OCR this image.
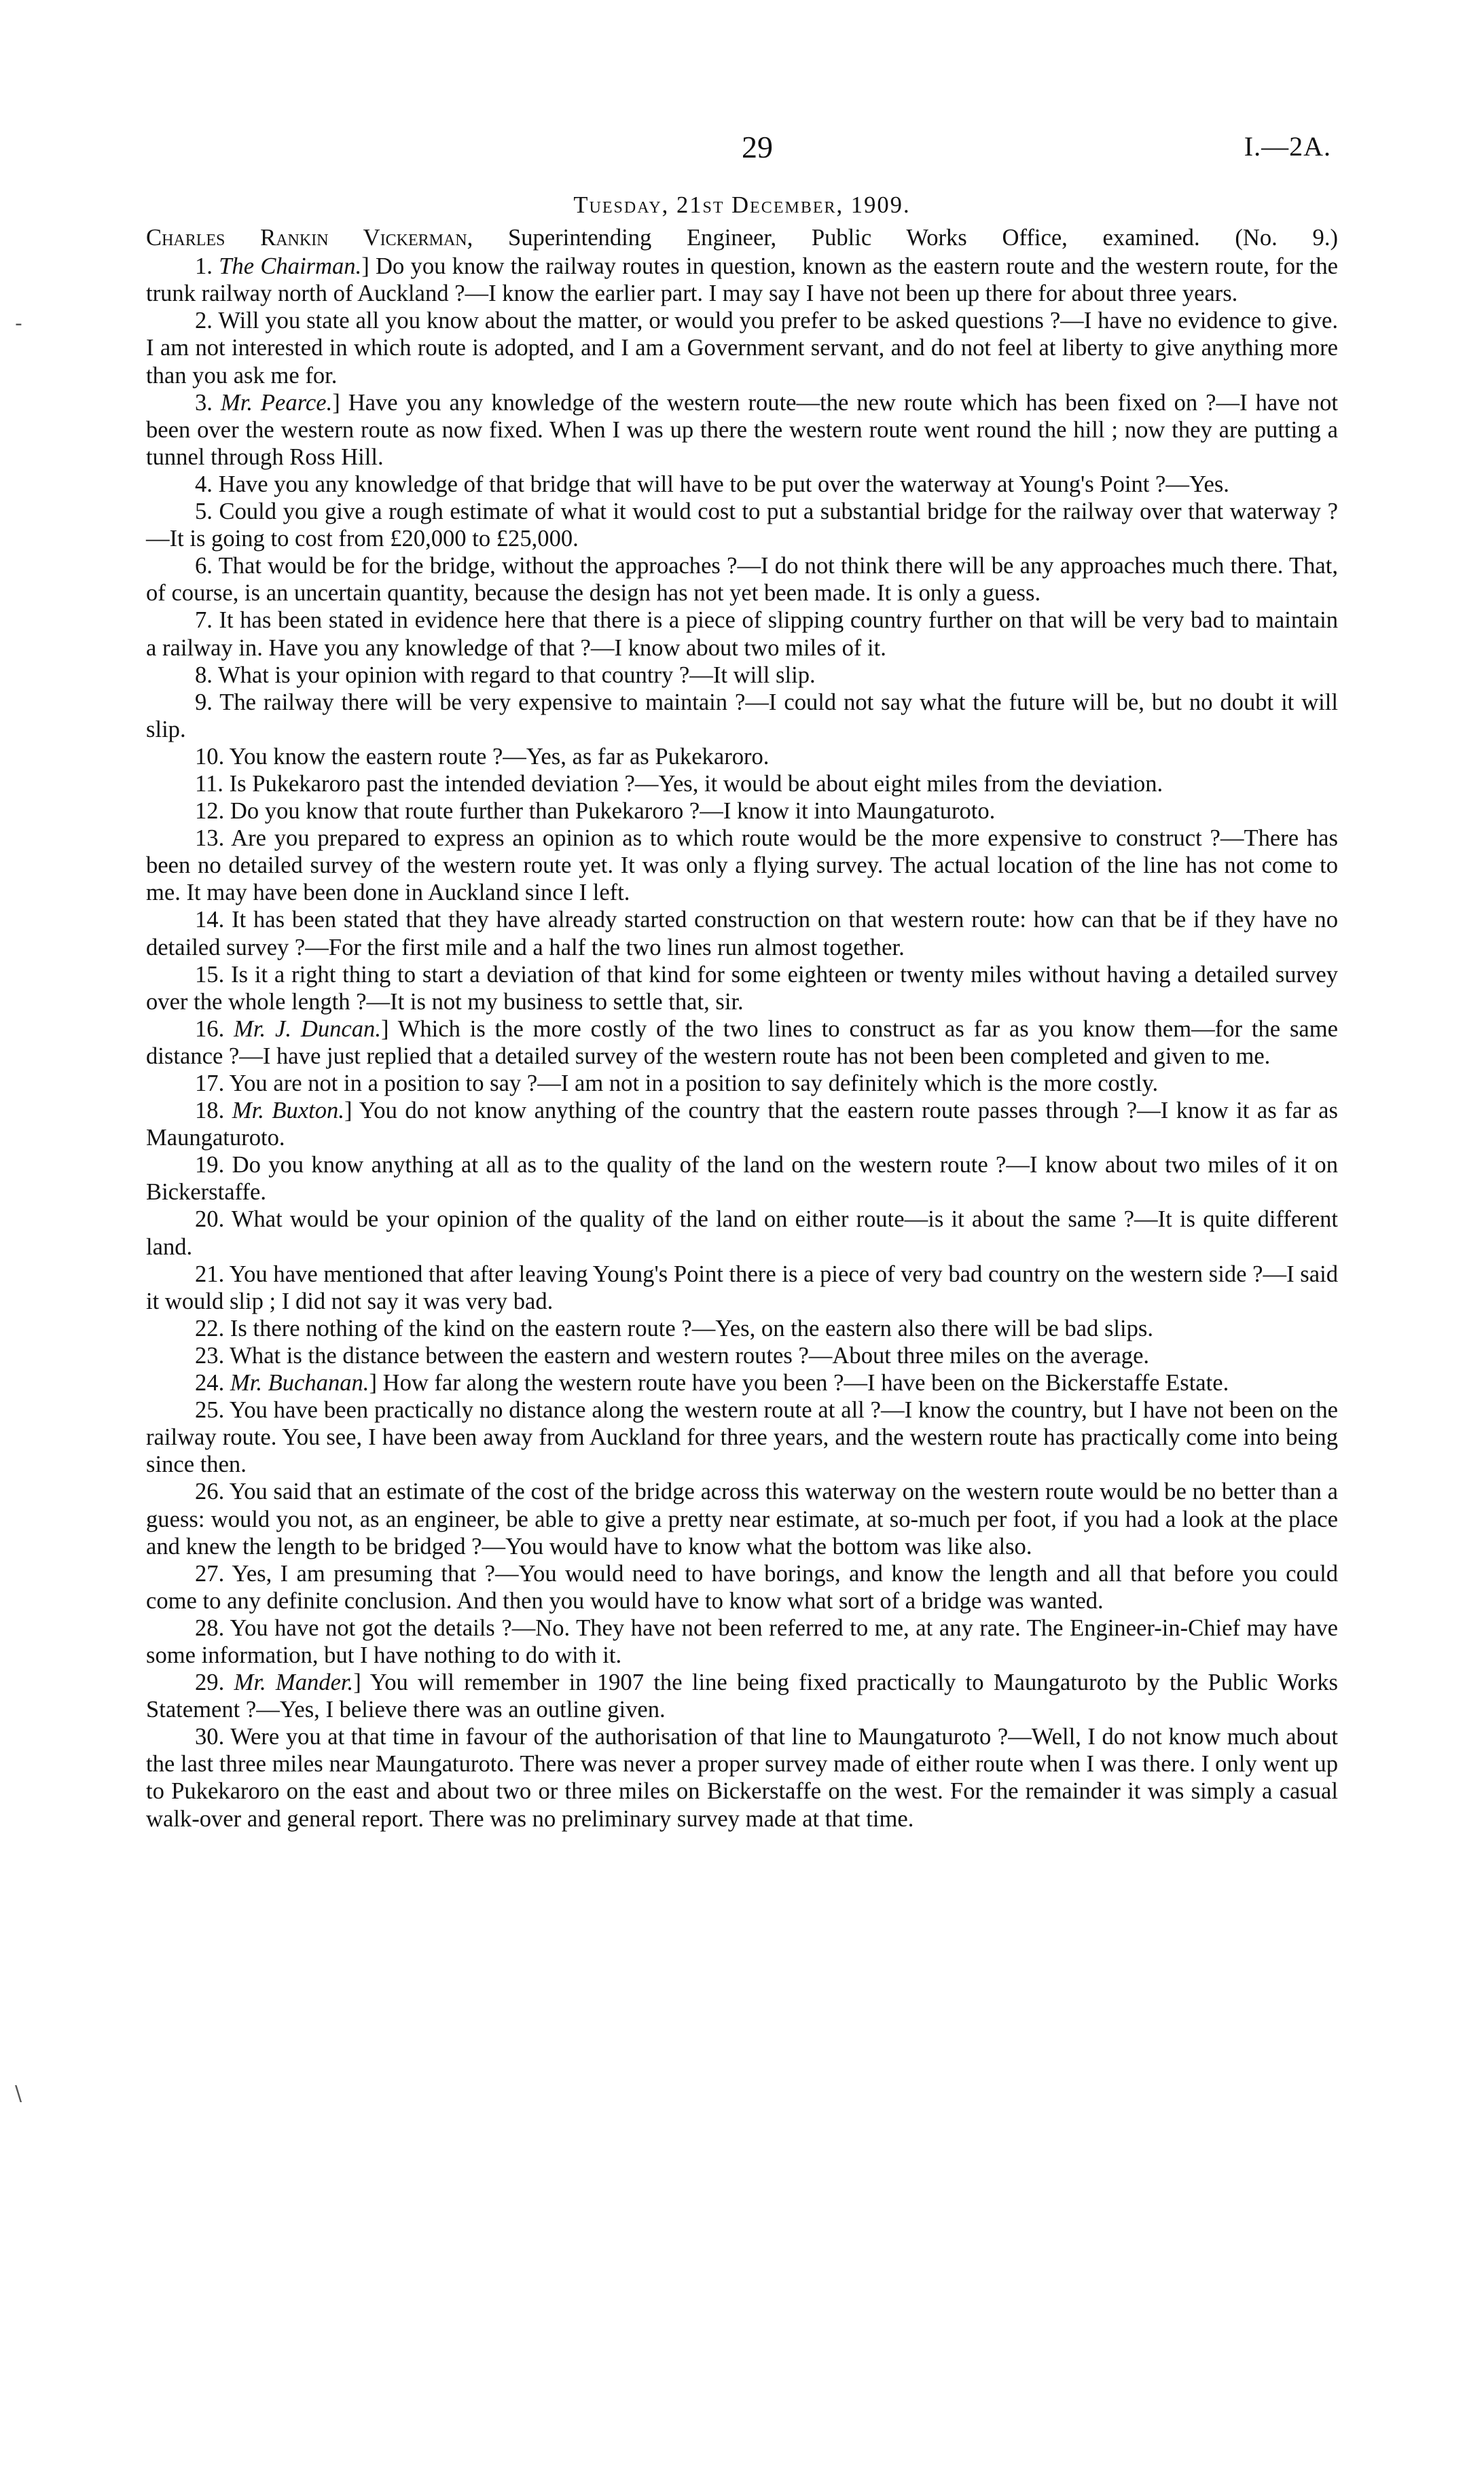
29	I.—2A.
-
\
Tuesday, 21st December, 1909.
Charles Rankin Vickerman, Superintending Engineer, Public Works Office, examined. (No. 9.)

1. The Chairman.] Do you know the railway routes in question, known as the eastern route and the western route, for the trunk railway north of Auckland ?—I know the earlier part. I may say I have not been up there for about three years.

2. Will you state all you know about the matter, or would you prefer to be asked questions ?—I have no evidence to give. I am not interested in which route is adopted, and I am a Government servant, and do not feel at liberty to give anything more than you ask me for.

3. Mr. Pearce.] Have you any knowledge of the western route—the new route which has been fixed on ?—I have not been over the western route as now fixed. When I was up there the western route went round the hill ; now they are putting a tunnel through Ross Hill.

4. Have you any knowledge of that bridge that will have to be put over the waterway at Young's Point ?—Yes.

5. Could you give a rough estimate of what it would cost to put a substantial bridge for the railway over that waterway ?—It is going to cost from £20,000 to £25,000.

6. That would be for the bridge, without the approaches ?—I do not think there will be any approaches much there. That, of course, is an uncertain quantity, because the design has not yet been made. It is only a guess.

7. It has been stated in evidence here that there is a piece of slipping country further on that will be very bad to maintain a railway in. Have you any knowledge of that ?—I know about two miles of it.

8. What is your opinion with regard to that country ?—It will slip.

9. The railway there will be very expensive to maintain ?—I could not say what the future will be, but no doubt it will slip.

10. You know the eastern route ?—Yes, as far as Pukekaroro.

11. Is Pukekaroro past the intended deviation ?—Yes, it would be about eight miles from the deviation.

12. Do you know that route further than Pukekaroro ?—I know it into Maungaturoto.

13. Are you prepared to express an opinion as to which route would be the more expensive to construct ?—There has been no detailed survey of the western route yet. It was only a flying survey. The actual location of the line has not come to me. It may have been done in Auckland since I left.

14. It has been stated that they have already started construction on that western route: how can that be if they have no detailed survey ?—For the first mile and a half the two lines run almost together.

15. Is it a right thing to start a deviation of that kind for some eighteen or twenty miles without having a detailed survey over the whole length ?—It is not my business to settle that, sir.

16. Mr. J. Duncan.] Which is the more costly of the two lines to construct as far as you know them—for the same distance ?—I have just replied that a detailed survey of the western route has not been been completed and given to me.

17. You are not in a position to say ?—I am not in a position to say definitely which is the more costly.

18. Mr. Buxton.] You do not know anything of the country that the eastern route passes through ?—I know it as far as Maungaturoto.

19. Do you know anything at all as to the quality of the land on the western route ?—I know about two miles of it on Bickerstaffe.

20. What would be your opinion of the quality of the land on either route—is it about the same ?—It is quite different land.

21. You have mentioned that after leaving Young's Point there is a piece of very bad country on the western side ?—I said it would slip ; I did not say it was very bad.

22. Is there nothing of the kind on the eastern route ?—Yes, on the eastern also there will be bad slips.

23. What is the distance between the eastern and western routes ?—About three miles on the average.

24. Mr. Buchanan.] How far along the western route have you been ?—I have been on the Bickerstaffe Estate.

25. You have been practically no distance along the western route at all ?—I know the country, but I have not been on the railway route. You see, I have been away from Auckland for three years, and the western route has practically come into being since then.

26. You said that an estimate of the cost of the bridge across this waterway on the western route would be no better than a guess: would you not, as an engineer, be able to give a pretty near estimate, at so-much per foot, if you had a look at the place and knew the length to be bridged ?—You would have to know what the bottom was like also.

27. Yes, I am presuming that ?—You would need to have borings, and know the length and all that before you could come to any definite conclusion. And then you would have to know what sort of a bridge was wanted.

28. You have not got the details ?—No. They have not been referred to me, at any rate. The Engineer-in-Chief may have some information, but I have nothing to do with it.

29. Mr. Mander.] You will remember in 1907 the line being fixed practically to Maungaturoto by the Public Works Statement ?—Yes, I believe there was an outline given.

30. Were you at that time in favour of the authorisation of that line to Maungaturoto ?—Well, I do not know much about the last three miles near Maungaturoto. There was never a proper survey made of either route when I was there. I only went up to Pukekaroro on the east and about two or three miles on Bickerstaffe on the west. For the remainder it was simply a casual walk-over and general report. There was no preliminary survey made at that time.
